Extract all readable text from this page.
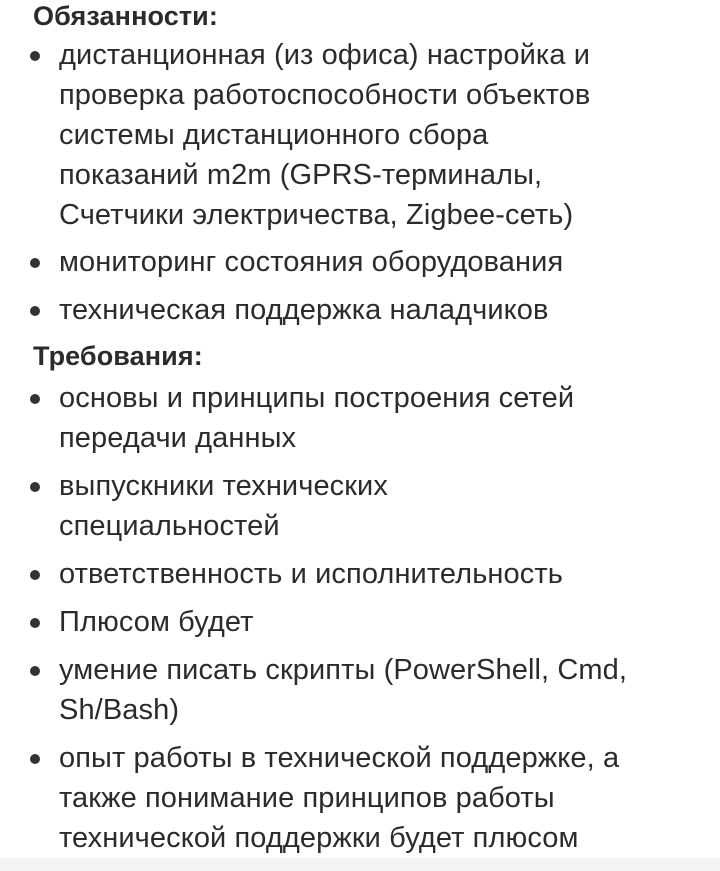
Обязанности:
дистанционная (из офиса) настройка и
проверка работоспособности объектов
системы дистанционного сбора
показаний m2m (GPRS-терминалы,
Счетчики электричества, Zigbee-сеть)
мониторинг состояния оборудования
техническая поддержка наладчиков
Требования:
основы и принципы построения сетей
передачи данных
выпускники технических
специальностей
ответственность и исполнительность
Плюсом будет
умение писать скрипты (PowerShell, Cmd,
Sh/Bash)
опыт работы в технической поддержке, а
также понимание принципов работы
технической поддержки будет плюсом
